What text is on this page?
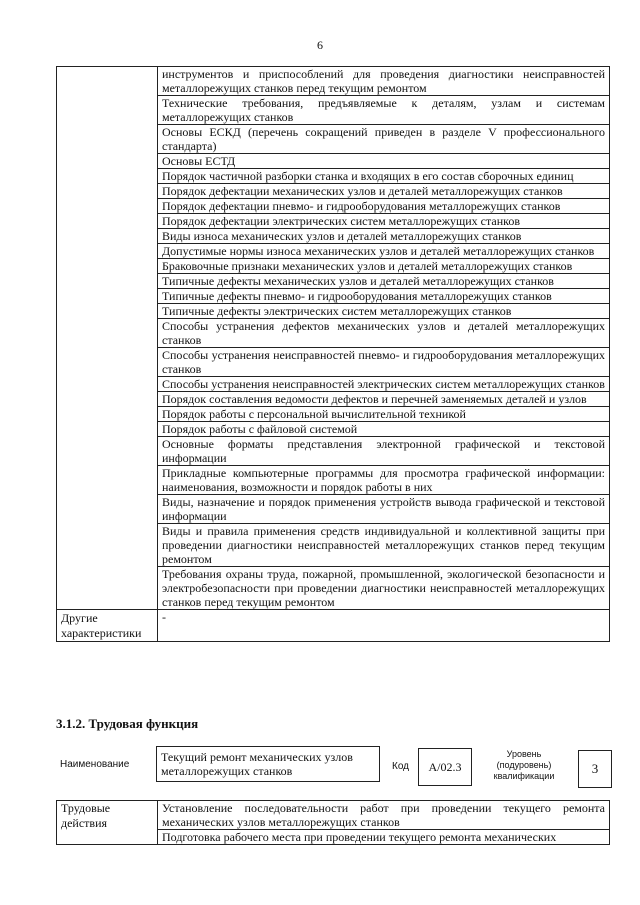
6
	инструментов и приспособлений для проведения диагностики неисправностей металлорежущих станков перед текущим ремонтом
	Технические требования, предъявляемые к деталям, узлам и системам металлорежущих станков
	Основы ЕСКД (перечень сокращений приведен в разделе V профессионального стандарта)
	Основы ЕСТД
	Порядок частичной разборки станка и входящих в его состав сборочных единиц
	Порядок дефектации механических узлов и деталей металлорежущих станков
	Порядок дефектации пневмо- и гидрооборудования металлорежущих станков
	Порядок дефектации электрических систем металлорежущих станков
	Виды износа механических узлов и деталей металлорежущих станков
	Допустимые нормы износа механических узлов и деталей металлорежущих станков
	Браковочные признаки механических узлов и деталей металлорежущих станков
	Типичные дефекты механических узлов и деталей металлорежущих станков
	Типичные дефекты пневмо- и гидрооборудования металлорежущих станков
	Типичные дефекты электрических систем металлорежущих станков
	Способы устранения дефектов механических узлов и деталей металлорежущих станков
	Способы устранения неисправностей пневмо- и гидрооборудования металлорежущих станков
	Способы устранения неисправностей электрических систем металлорежущих станков
	Порядок составления ведомости дефектов и перечней заменяемых деталей и узлов
	Порядок работы с персональной вычислительной техникой
	Порядок работы с файловой системой
	Основные форматы представления электронной графической и текстовой информации
	Прикладные компьютерные программы для просмотра графической информации: наименования, возможности и порядок работы в них
	Виды, назначение и порядок применения устройств вывода графической и текстовой информации
	Виды и правила применения средств индивидуальной и коллективной защиты при проведении диагностики неисправностей металлорежущих станков перед текущим ремонтом
	Требования охраны труда, пожарной, промышленной, экологической безопасности и электробезопасности при проведении диагностики неисправностей металлорежущих станков перед текущим ремонтом
Другие характеристики	-
3.1.2. Трудовая функция
Наименование
Текущий ремонт механических узлов металлорежущих станков	Код	A/02.3
Уровень (подуровень) квалификации	3
Трудовые действия	Установление последовательности работ при проведении текущего ремонта механических узлов металлорежущих станков

Подготовка рабочего места при проведении текущего ремонта механических
